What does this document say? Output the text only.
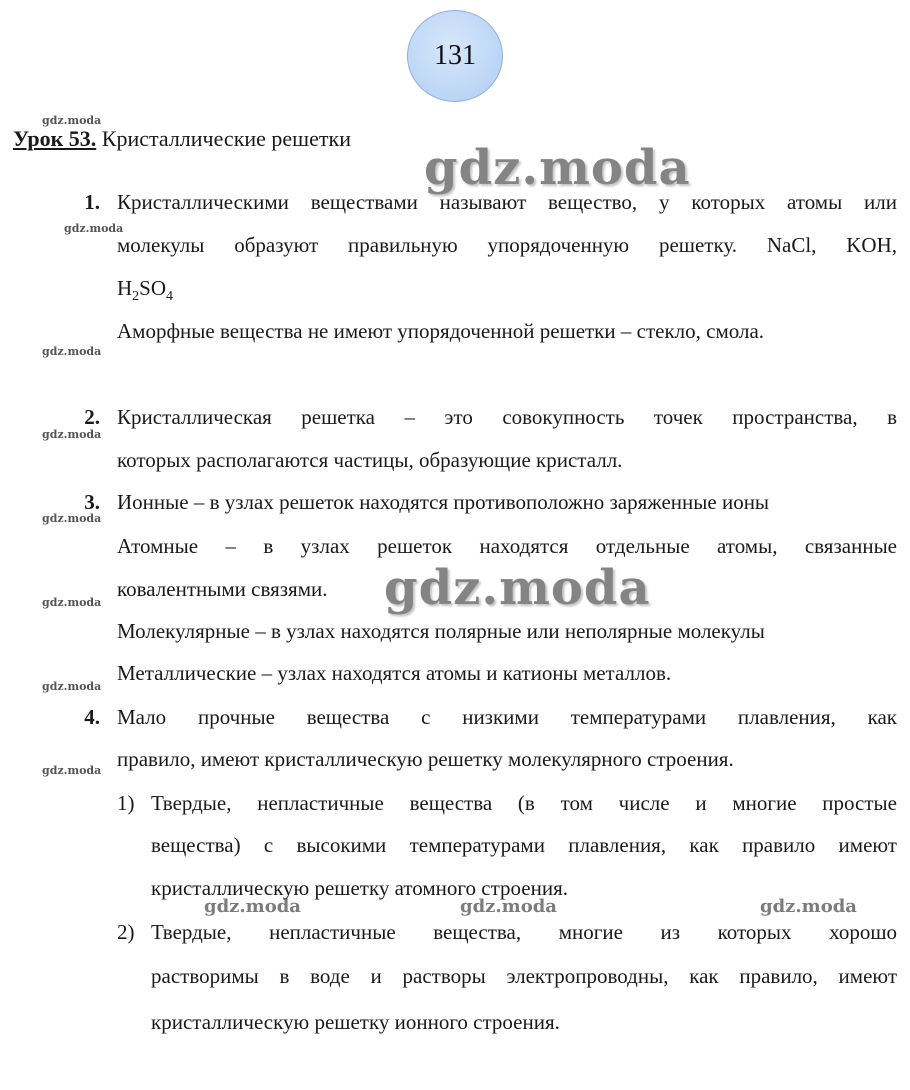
131
gdz.moda
gdz.moda
gdz.moda
gdz.moda
gdz.moda
gdz.moda
gdz.moda
gdz.moda
gdz.moda	gdz.moda	gdz.moda
Урок 53. Кристаллические решетки
gdz.moda
gdz.moda
1. Кристаллическими веществами называют вещество, у которых атомы или
молекулы образуют правильную упорядоченную решетку. NaCl, KOH,
$H_2SO_4$
Аморфные вещества не имеют упорядоченной решетки – стекло, смола.
2. Кристаллическая решетка – это совокупность точек пространства, в
которых располагаются частицы, образующие кристалл.
3. Ионные – в узлах решеток находятся противоположно заряженные ионы
Атомные – в узлах решеток находятся отдельные атомы, связанные
ковалентными связями.
Молекулярные – в узлах находятся полярные или неполярные молекулы
Металлические – узлах находятся атомы и катионы металлов.
4. Мало прочные вещества с низкими температурами плавления, как
правило, имеют кристаллическую решетку молекулярного строения.
1) Твердые, непластичные вещества (в том числе и многие простые
вещества) с высокими температурами плавления, как правило имеют
кристаллическую решетку атомного строения.
2) Твердые, непластичные вещества, многие из которых хорошо
растворимы в воде и растворы электропроводны, как правило, имеют
кристаллическую решетку ионного строения.
